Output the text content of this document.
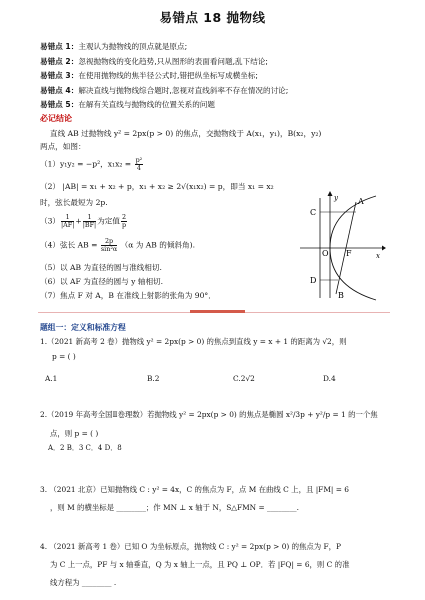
易错点 18 抛物线
易错点 1：主观认为抛物线的顶点就是原点;
易错点 2：忽视抛物线的变化趋势,只从图形的表面看问题,乱下结论;
易错点 3：在使用抛物线的焦半径公式时,错把纵坐标写成横坐标;
易错点 4：解决直线与抛物线综合题时,忽视对直线斜率不存在情况的讨论;
易错点 5：在解有关直线与抛物线的位置关系的问题
必记结论
直线 AB 过抛物线 y² = 2px(p > 0) 的焦点，交抛物线于 A(x₁，y₁)，B(x₂，y₂)
两点，如图：
（1）y₁y₂ = −p²，$x_1x_2 = \frac{\text{p²}}{4}$
（2） |AB| = x₁ + x₂ + p，x₁ + x₂ ≥ 2√(x₁x₂) = p，即当 x₁ = x₂
时，弦长最短为 2p.
$(3) \frac{1}{|AF|} + \frac{1}{|BF|}$ 为定值 $\frac{2}{p}$
（4）弦长 AB = $\frac{2p}{\text{sin²α}} (\alpha$ 为 AB 的倾斜角).
（5）以 AB 为直径的圆与准线相切.
（6）以 AF 为直径的圆与 y 轴相切.
（7）焦点 F 对 A，B 在准线上射影的张角为 90°．
C
O
D
F
A
B
y
x
题组一：定义和标准方程
1.（2021 新高考 2 卷）抛物线 y² = 2px(p > 0) 的焦点到直线 y = x + 1 的距离为 √2，则
p = ( )
A.1	B.2	C.2√2	D.4
2.（2019 年高考全国Ⅱ卷理数）若抛物线 y² = 2px(p > 0) 的焦点是椭圆 x²/3p + y²/p = 1 的一个焦
点，则 p = ( )
A．2 B．3 C．4 D．8
3. （2021 北京）已知抛物线 C : y² = 4x，C 的焦点为 F，点 M 在曲线 C 上，且 |FM| = 6
，则 M 的横坐标是 ________；作 MN ⊥ x 轴于 N，S△FMN = ________.
4. （2021 新高考 1 卷）已知 O 为坐标原点，抛物线 C : y² = 2px(p > 0) 的焦点为 F，P
为 C 上一点，PF 与 x 轴垂直，Q 为 x 轴上一点，且 PQ ⊥ OP．若 |FQ| = 6，则 C 的准
线方程为 ________ .
